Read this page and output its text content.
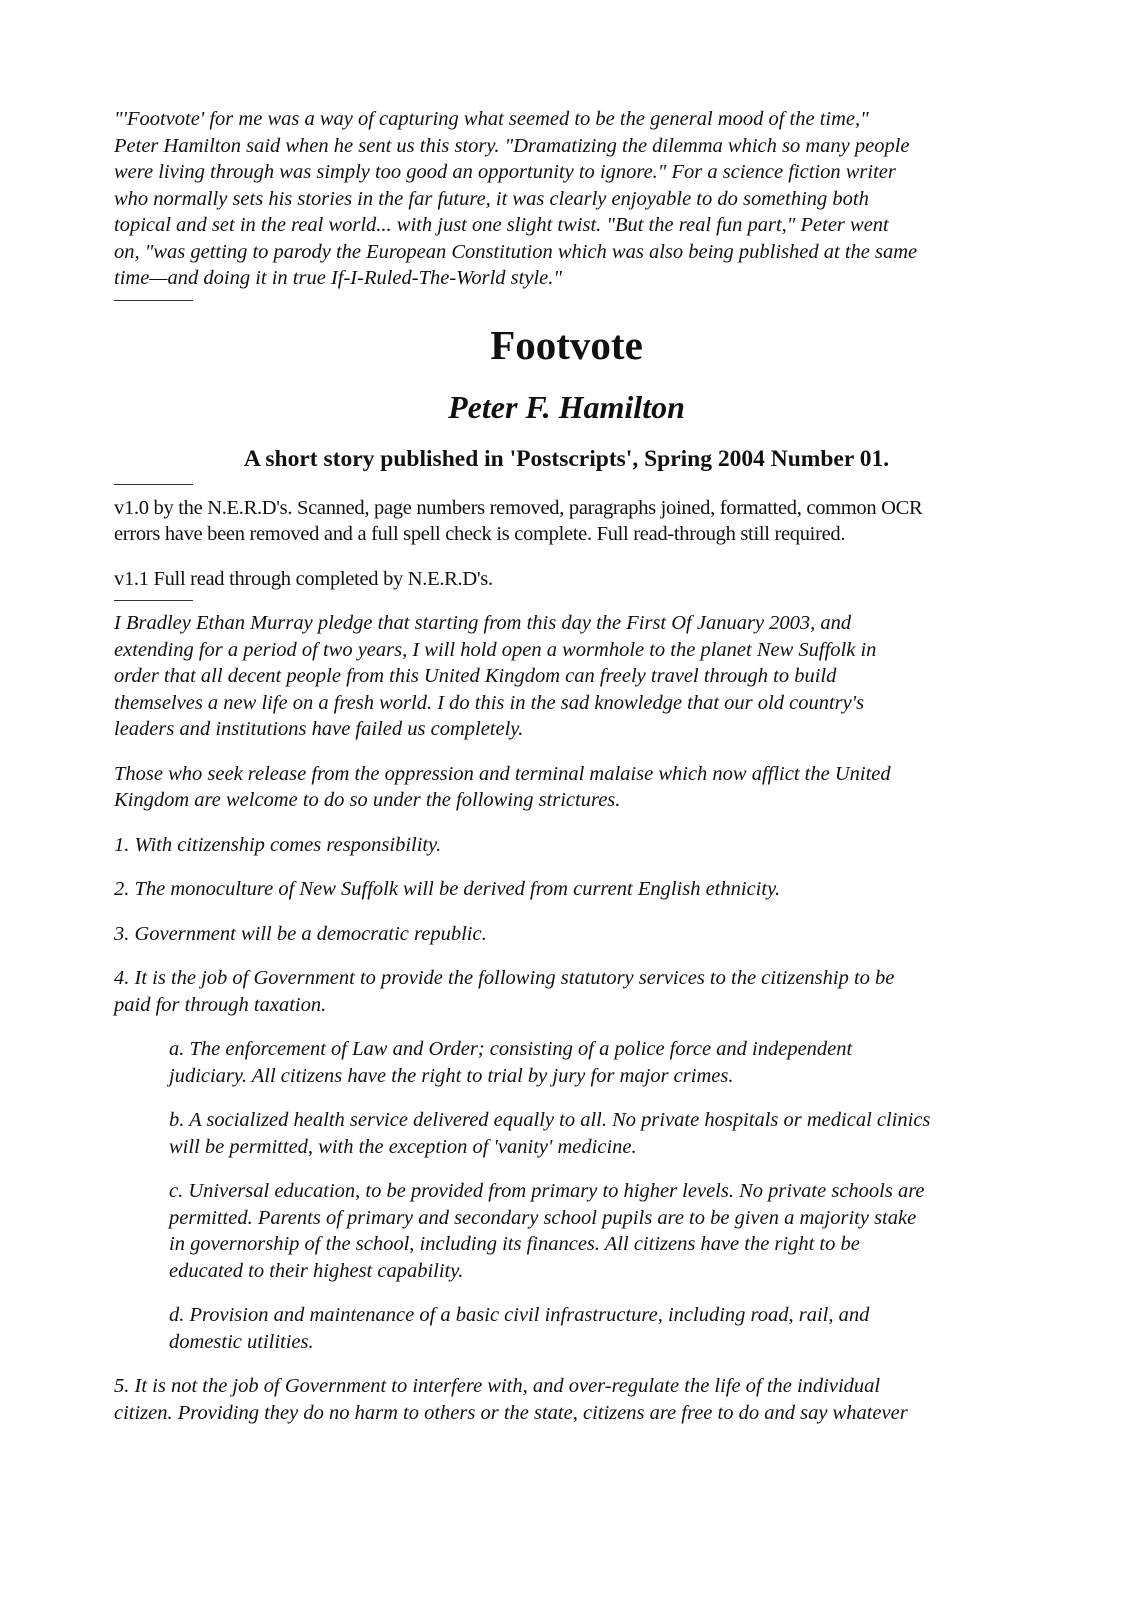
"'Footvote' for me was a way of capturing what seemed to be the general mood of the time,"
Peter Hamilton said when he sent us this story. "Dramatizing the dilemma which so many people
were living through was simply too good an opportunity to ignore." For a science fiction writer
who normally sets his stories in the far future, it was clearly enjoyable to do something both
topical and set in the real world... with just one slight twist. "But the real fun part," Peter went
on, "was getting to parody the European Constitution which was also being published at the same
time—and doing it in true If-I-Ruled-The-World style."

Footvote
Peter F. Hamilton

A short story published in 'Postscripts', Spring 2004 Number 01.

v1.0 by the N.E.R.D's. Scanned, page numbers removed, paragraphs joined, formatted, common OCR
errors have been removed and a full spell check is complete. Full read-through still required.

v1.1 Full read through completed by N.E.R.D's.

I Bradley Ethan Murray pledge that starting from this day the First Of January 2003, and
extending for a period of two years, I will hold open a wormhole to the planet New Suffolk in
order that all decent people from this United Kingdom can freely travel through to build
themselves a new life on a fresh world. I do this in the sad knowledge that our old country's
leaders and institutions have failed us completely.

Those who seek release from the oppression and terminal malaise which now afflict the United
Kingdom are welcome to do so under the following strictures.

1. With citizenship comes responsibility.

2. The monoculture of New Suffolk will be derived from current English ethnicity.

3. Government will be a democratic republic.

4. It is the job of Government to provide the following statutory services to the citizenship to be
paid for through taxation.

a. The enforcement of Law and Order; consisting of a police force and independent
judiciary. All citizens have the right to trial by jury for major crimes.

b. A socialized health service delivered equally to all. No private hospitals or medical clinics
will be permitted, with the exception of 'vanity' medicine.

c. Universal education, to be provided from primary to higher levels. No private schools are
permitted. Parents of primary and secondary school pupils are to be given a majority stake
in governorship of the school, including its finances. All citizens have the right to be
educated to their highest capability.

d. Provision and maintenance of a basic civil infrastructure, including road, rail, and
domestic utilities.

5. It is not the job of Government to interfere with, and over-regulate the life of the individual
citizen. Providing they do no harm to others or the state, citizens are free to do and say whatever
